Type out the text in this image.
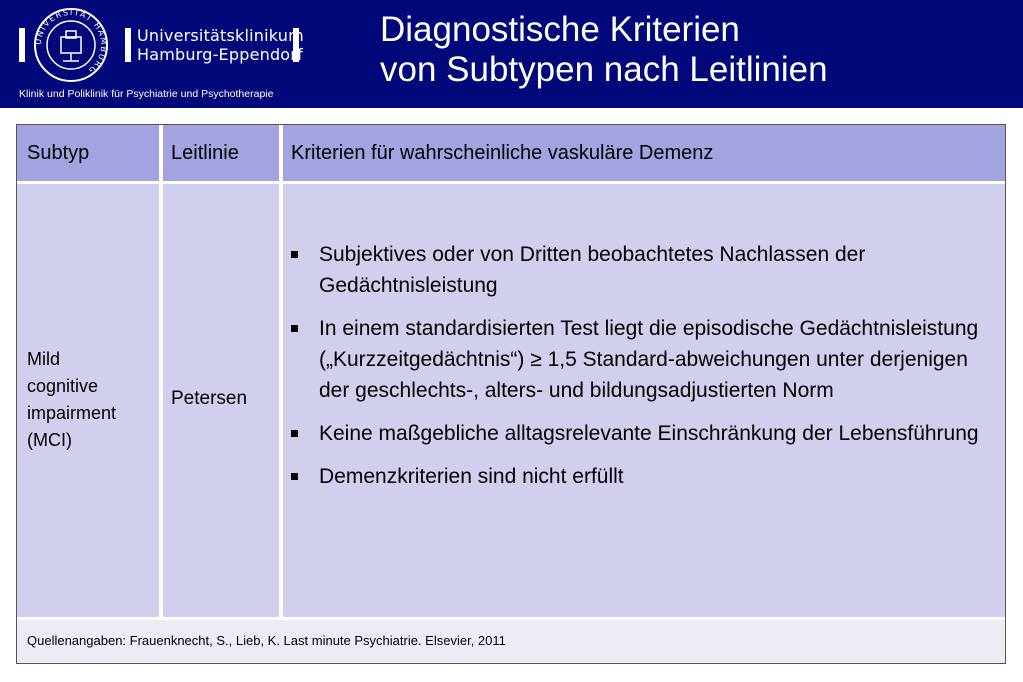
UNIVERSITÄT HAMBURG
Universitätsklinikum
Hamburg-Eppendorf
Klinik und Poliklinik für Psychiatrie und Psychotherapie
Diagnostische Kriterien
von Subtypen nach Leitlinien
Subtyp	Leitlinie	Kriterien für wahrscheinliche vaskuläre Demenz
Mild
cognitive
impairment
(MCI)
Petersen
Subjektives oder von Dritten beobachtetes Nachlassen der Gedächtnisleistung
In einem standardisierten Test liegt die episodische Gedächtnisleistung („Kurzzeitgedächtnis“) ≥ 1,5 Standard-abweichungen unter derjenigen der geschlechts-, alters- und bildungsadjustierten Norm
Keine maßgebliche alltagsrelevante Einschränkung der Lebensführung
Demenzkriterien sind nicht erfüllt
Quellenangaben: Frauenknecht, S., Lieb, K. Last minute Psychiatrie. Elsevier, 2011
